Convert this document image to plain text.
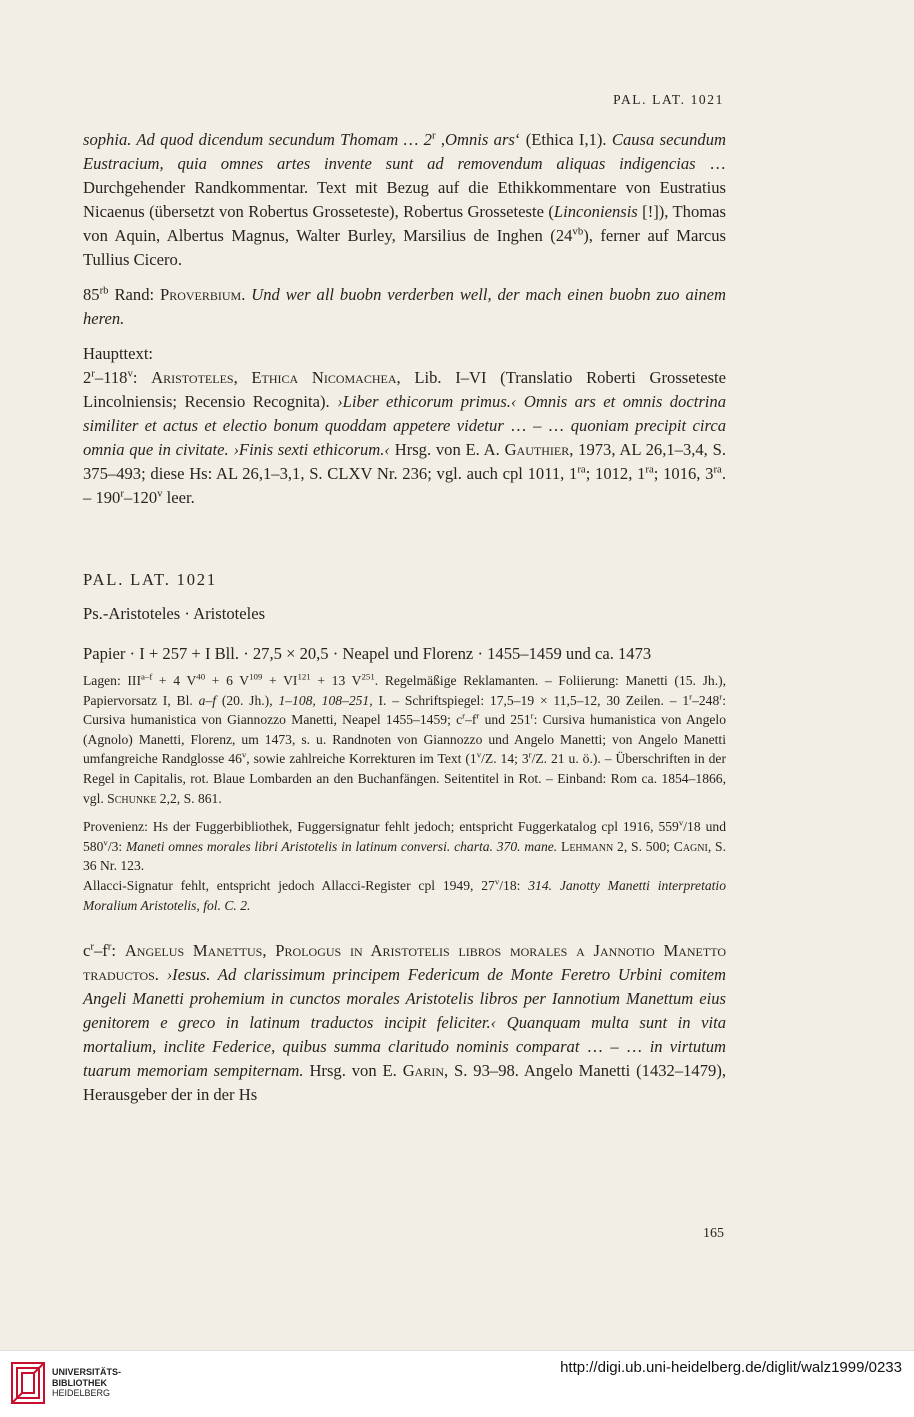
PAL. LAT. 1021

sophia. Ad quod dicendum secundum Thomam … 2$^r$ ,Omnis ars‘ (Ethica I,1). Causa secundum Eustracium, quia omnes artes invente sunt ad removendum aliquas indigencias … Durchgehender Randkommentar. Text mit Bezug auf die Ethikkommentare von Eustratius Nicaenus (übersetzt von Robertus Grosseteste), Robertus Grosseteste (Linconiensis [!]), Thomas von Aquin, Albertus Magnus, Walter Burley, Marsilius de Inghen $(24^{vb})$, ferner auf Marcus Tullius Cicero.

$85^{rb}$ Rand: Proverbium. Und wer all buobn verderben well, der mach einen buobn zuo ainem heren.

Haupttext:

2$^r$–118$^v$: Aristoteles, Ethica Nicomachea, Lib. I–VI (Translatio Roberti Grosseteste Lincolniensis; Recensio Recognita). ›Liber ethicorum primus.‹ Omnis ars et omnis doctrina similiter et actus et electio bonum quoddam appetere videtur … – … quoniam precipit circa omnia que in civitate. ›Finis sexti ethicorum.‹ Hrsg. von E. A. Gauthier, 1973, AL 26,1–3,4, S. 375–493; diese Hs: AL 26,1–3,1, S. CLXV Nr. 236; vgl. auch cpl 1011, $1^{ra}$; 1012, $1^{ra}$; 1016, $3^{ra}$. – 190$^r$–120$^v$ leer.

PAL. LAT. 1021
Ps.-Aristoteles · Aristoteles

Papier · I + 257 + I Bll. · 27,5 × 20,5 · Neapel und Florenz · 1455–1459 und ca. 1473

Lagen: $III^{a-f} + 4$ $V^{40} + 6$ $V^{109} + VI^{121} + 13$ $V^{251}$. Regelmäßige Reklamanten. – Foliierung: Manetti (15. Jh.), Papiervorsatz I, Bl. a–f (20. Jh.), 1–108, 108–251, I. – Schriftspiegel: 17,5–19 × 11,5–12, 30 Zeilen. – 1$^r$–248$^r$: Cursiva humanistica von Giannozzo Manetti, Neapel 1455–1459; $c^r-f^r$ und 251$^r$: Cursiva humanistica von Angelo (Agnolo) Manetti, Florenz, um 1473, s. u. Randnoten von Giannozzo und Angelo Manetti; von Angelo Manetti umfangreiche Randglosse 46$^v$, sowie zahlreiche Korrekturen im Text (1$^v$/Z. 14; 3$^r$/Z. 21 u. ö.). – Überschriften in der Regel in Capitalis, rot. Blaue Lombarden an den Buchanfängen. Seitentitel in Rot. – Einband: Rom ca. 1854–1866, vgl. Schunke 2,2, S. 861.

Provenienz: Hs der Fuggerbibliothek, Fuggersignatur fehlt jedoch; entspricht Fuggerkatalog cpl 1916, 559$^v$/18 und 580$^v$/3: Maneti omnes morales libri Aristotelis in latinum conversi. charta. 370. mane. Lehmann 2, S. 500; Cagni, S. 36 Nr. 123.

Allacci-Signatur fehlt, entspricht jedoch Allacci-Register cpl 1949, 27$^v$/18: 314. Janotty Manetti interpretatio Moralium Aristotelis, fol. C. 2.

$c^r-f^r$: Angelus Manettus, Prologus in Aristotelis libros morales a Jannotio Manetto traductos. ›Iesus. Ad clarissimum principem Federicum de Monte Feretro Urbini comitem Angeli Manetti prohemium in cunctos morales Aristotelis libros per Iannotium Manettum eius genitorem e greco in latinum traductos incipit feliciter.‹ Quanquam multa sunt in vita mortalium, inclite Federice, quibus summa claritudo nominis comparat … – … in virtutum tuarum memoriam sempiternam. Hrsg. von E. Garin, S. 93–98. Angelo Manetti (1432–1479), Herausgeber der in der Hs

165
UNIVERSITÄTS-
BIBLIOTHEK
HEIDELBERG
http://digi.ub.uni-heidelberg.de/diglit/walz1999/0233
